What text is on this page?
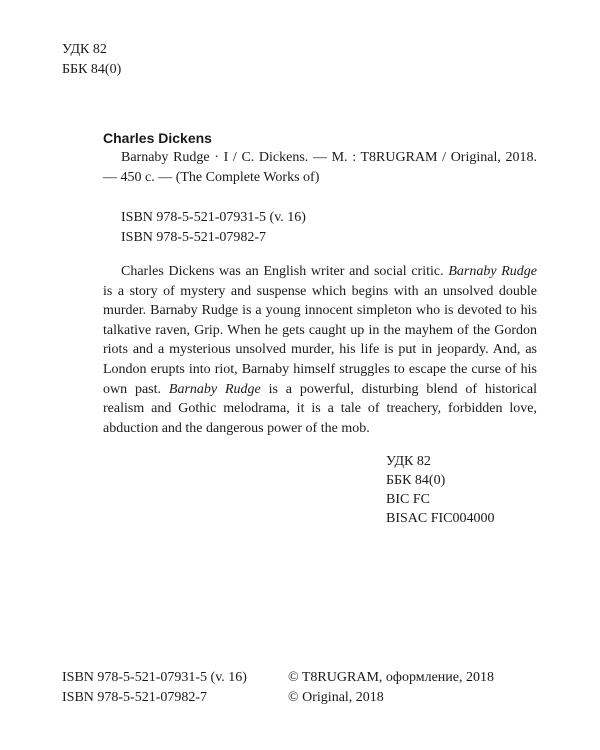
УДК 82
ББК 84(0)
Charles Dickens
Barnaby Rudge · I / C. Dickens. — M. : T8RUGRAM / Original, 2018. — 450 с. — (The Complete Works of)
ISBN 978-5-521-07931-5 (v. 16)
ISBN 978-5-521-07982-7
Charles Dickens was an English writer and social critic. Barnaby Rudge is a story of mystery and suspense which begins with an unsolved double murder. Barnaby Rudge is a young innocent simpleton who is devoted to his talkative raven, Grip. When he gets caught up in the mayhem of the Gordon riots and a mysterious unsolved murder, his life is put in jeopardy. And, as London erupts into riot, Barnaby himself struggles to escape the curse of his own past. Barnaby Rudge is a powerful, disturbing blend of historical realism and Gothic melodrama, it is a tale of treachery, forbidden love, abduction and the dangerous power of the mob.
УДК 82
ББК 84(0)
BIC FC
BISAC FIC004000
ISBN 978-5-521-07931-5 (v. 16)
ISBN 978-5-521-07982-7
© T8RUGRAM, оформление, 2018
© Original, 2018
